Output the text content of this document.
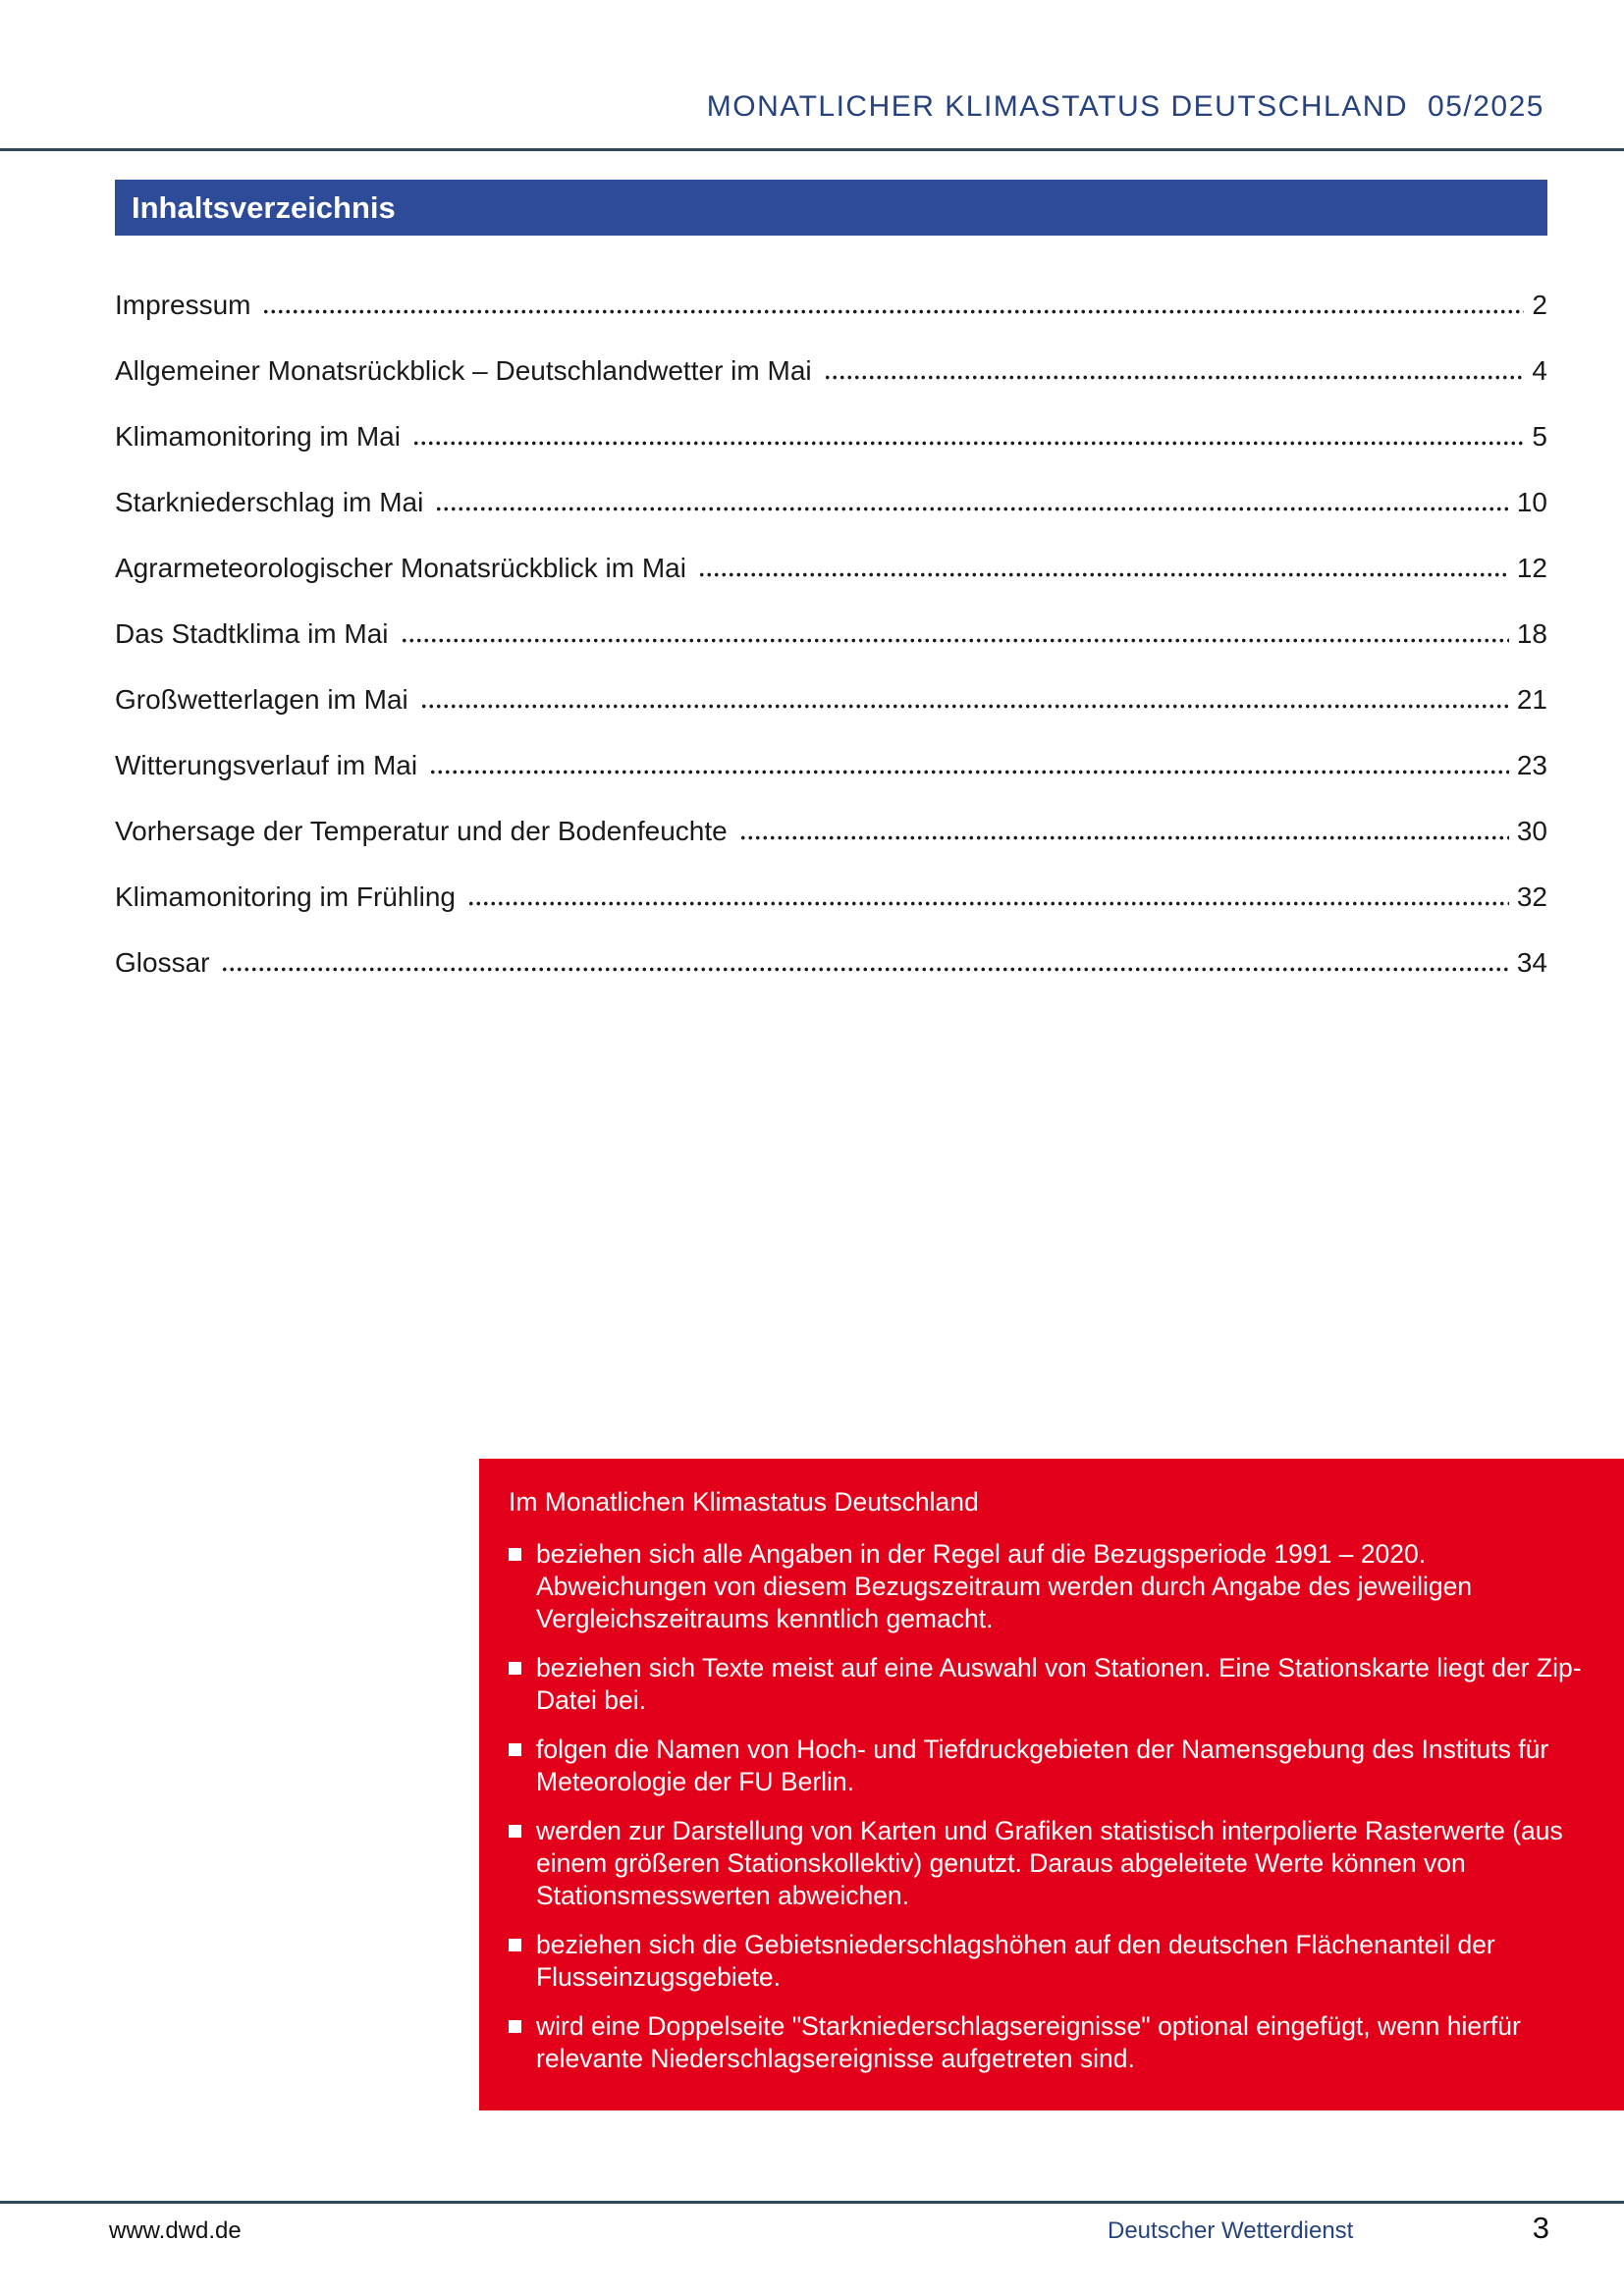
MONATLICHER KLIMASTATUS DEUTSCHLAND 05/2025
Inhaltsverzeichnis
Impressum	2
Allgemeiner Monatsrückblick – Deutschlandwetter im Mai	4
Klimamonitoring im Mai	5
Starkniederschlag im Mai	10
Agrarmeteorologischer Monatsrückblick im Mai	12
Das Stadtklima im Mai	18
Großwetterlagen im Mai	21
Witterungsverlauf im Mai	23
Vorhersage der Temperatur und der Bodenfeuchte	30
Klimamonitoring im Frühling	32
Glossar	34
Im Monatlichen Klimastatus Deutschland
beziehen sich alle Angaben in der Regel auf die Bezugsperiode 1991 – 2020. Abweichungen von diesem Bezugszeitraum werden durch Angabe des jeweiligen Vergleichszeitraums kenntlich gemacht.
beziehen sich Texte meist auf eine Auswahl von Stationen. Eine Stationskarte liegt der Zip-Datei bei.
folgen die Namen von Hoch- und Tiefdruckgebieten der Namensgebung des Instituts für Meteorologie der FU Berlin.
werden zur Darstellung von Karten und Grafiken statistisch interpolierte Rasterwerte (aus einem größeren Stationskollektiv) genutzt. Daraus abgeleitete Werte können von Stationsmesswerten abweichen.
beziehen sich die Gebietsniederschlagshöhen auf den deutschen Flächenanteil der Flusseinzugsgebiete.
wird eine Doppelseite "Starkniederschlagsereignisse" optional eingefügt, wenn hierfür relevante Niederschlagsereignisse aufgetreten sind.
www.dwd.de	Deutscher Wetterdienst	3
